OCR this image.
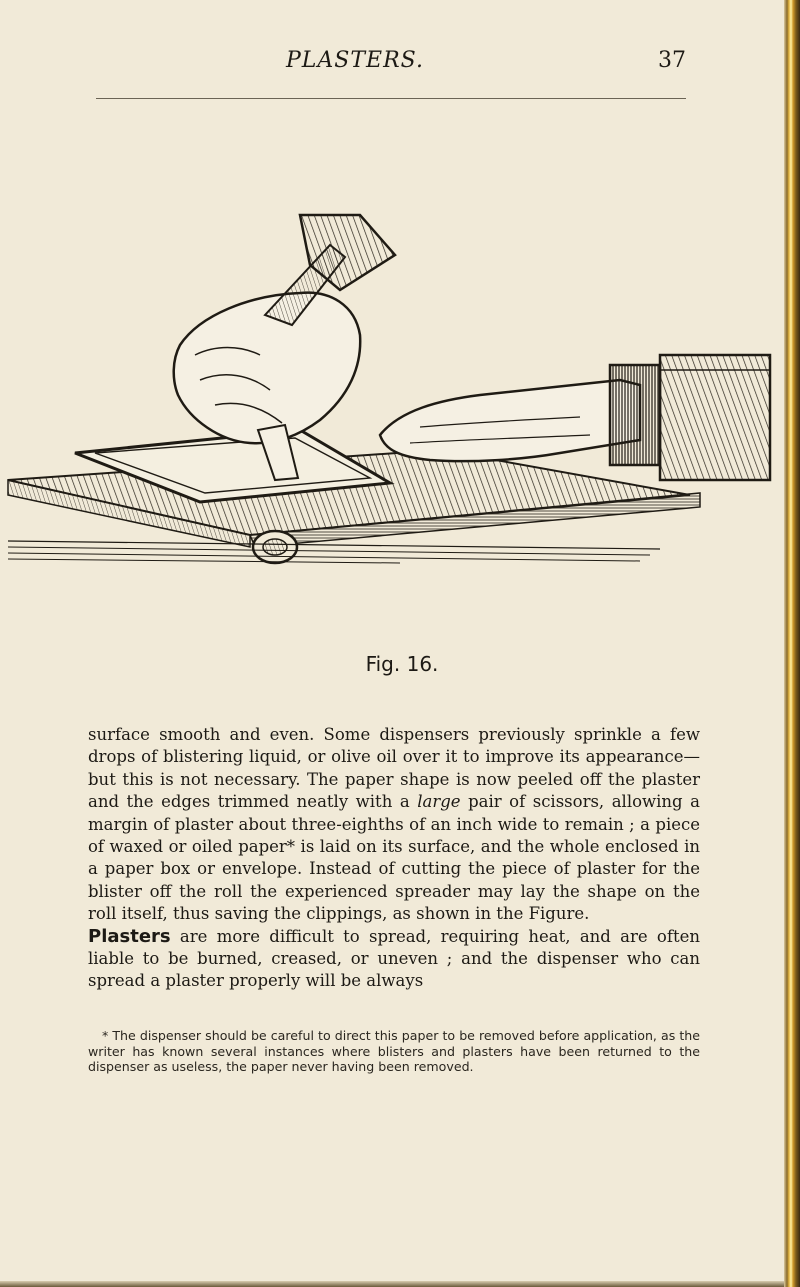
PLASTERS.	37
Fig. 16.

surface smooth and even. Some dispensers previously sprinkle a few drops of blistering liquid, or olive oil over it to improve its appearance—but this is not necessary. The paper shape is now peeled off the plaster and the edges trimmed neatly with a large pair of scissors, allowing a margin of plaster about three-eighths of an inch wide to remain ; a piece of waxed or oiled paper* is laid on its surface, and the whole enclosed in a paper box or envelope. Instead of cutting the piece of plaster for the blister off the roll the experienced spreader may lay the shape on the roll itself, thus saving the clippings, as shown in the Figure.

Plasters are more difficult to spread, requiring heat, and are often liable to be burned, creased, or uneven ; and the dispenser who can spread a plaster properly will be always

* The dispenser should be careful to direct this paper to be removed before application, as the writer has known several instances where blisters and plasters have been returned to the dispenser as useless, the paper never having been removed.
